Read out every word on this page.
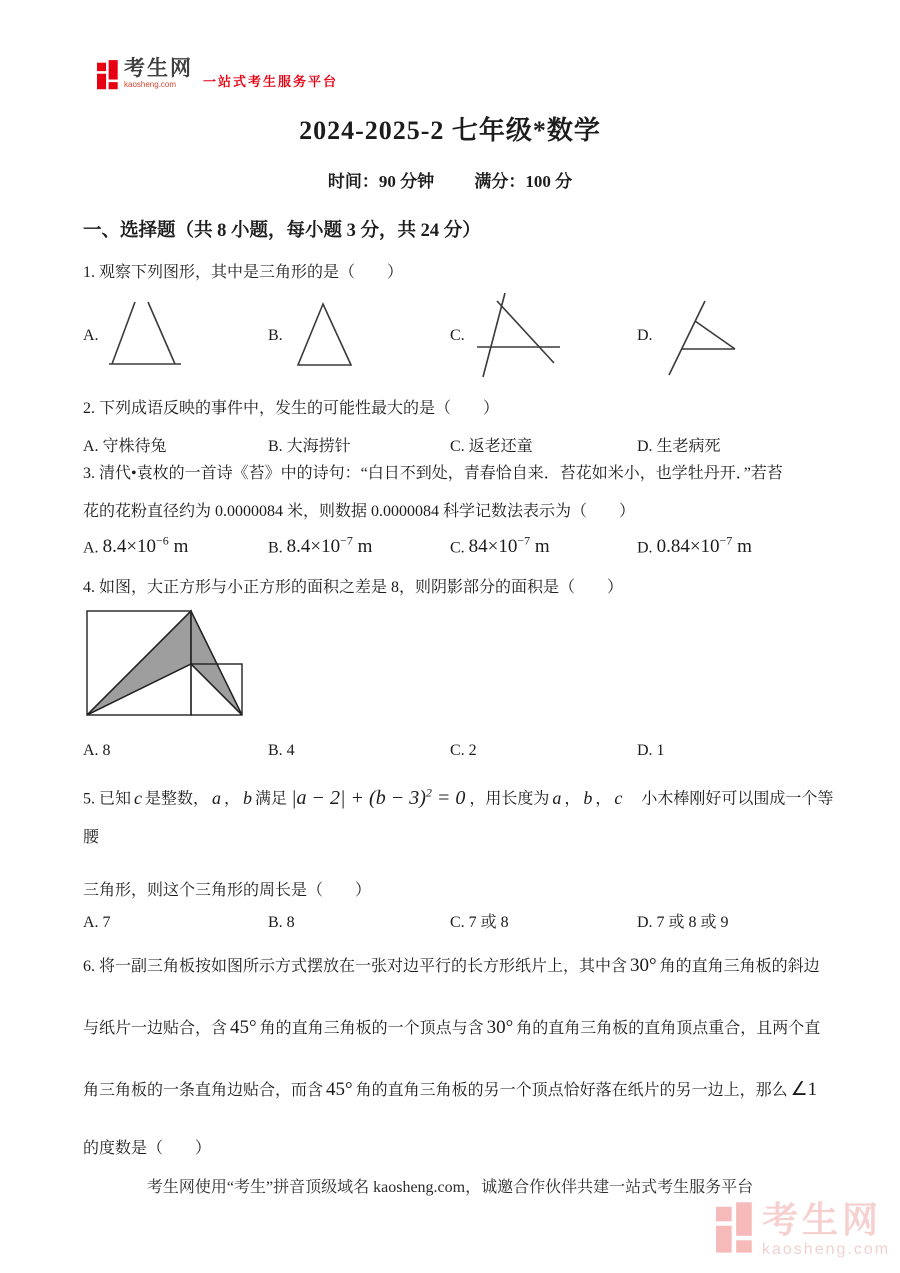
考生网
kaosheng.com	一站式考生服务平台
2024-2025-2 七年级*数学
时间：90 分钟 满分：100 分
一、选择题（共 8 小题，每小题 3 分，共 24 分）
1. 观察下列图形，其中是三角形的是（　　）
A.	B.	C.	D.
2. 下列成语反映的事件中，发生的可能性最大的是（　　）
A. 守株待兔	B. 大海捞针	C. 返老还童	D. 生老病死
3. 清代•袁枚的一首诗《苔》中的诗句：“白日不到处，青春恰自来．苔花如米小，也学牡丹开．”若苔
花的花粉直径约为 0.0000084 米，则数据 0.0000084 科学记数法表示为（　　）
A. $8.4\times 10^{-6}$ m	B. $8.4\times 10^{-7}$ m	C. $84\times 10^{-7}$ m	D. $0.84\times 10^{-7}$ m
4. 如图，大正方形与小正方形的面积之差是 8，则阴影部分的面积是（　　）
A. 8	B. 4	C. 2	D. 1
5. 已知 c 是整数， a ， b 满足 $|a - 2| + (b - 3)^2 = 0$ ，用长度为 a ， b ， c　小木棒刚好可以围成一个等腰
三角形，则这个三角形的周长是（　　）
A. 7	B. 8	C. 7 或 8	D. 7 或 8 或 9
6. 将一副三角板按如图所示方式摆放在一张对边平行的长方形纸片上，其中含 30° 角的直角三角板的斜边
与纸片一边贴合，含 45° 角的直角三角板的一个顶点与含 30° 角的直角三角板的直角顶点重合，且两个直
角三角板的一条直角边贴合，而含 45° 角的直角三角板的另一个顶点恰好落在纸片的另一边上，那么 ∠1
的度数是（　　）
考生网使用“考生”拼音顶级域名 kaosheng.com，诚邀合作伙伴共建一站式考生服务平台
考生网
kaosheng.com
